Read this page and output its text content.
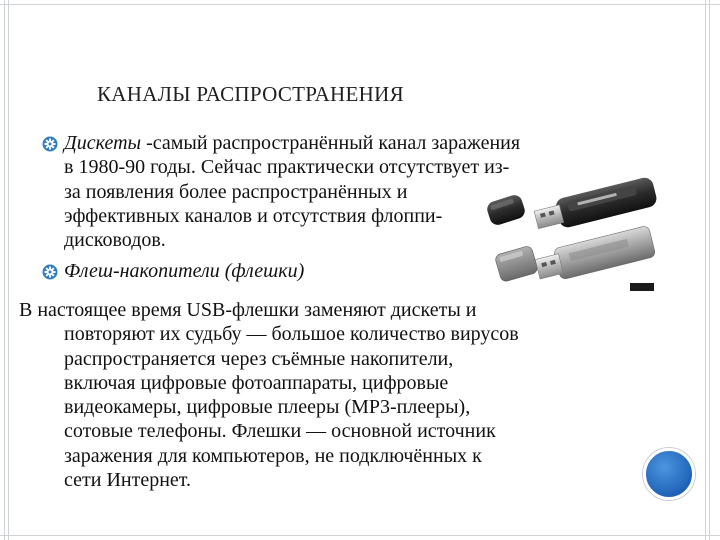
КАНАЛЫ РАСПРОСТРАНЕНИЯ
Дискеты -самый распространённый канал заражения
в 1980-90 годы. Сейчас практически отсутствует из-
за появления более распространённых и
эффективных каналов и отсутствия флоппи-
дисководов.
Флеш-накопители (флешки)
В настоящее время USB-флешки заменяют дискеты и
повторяют их судьбу — большое количество вирусов
распространяется через съёмные накопители,
включая цифровые фотоаппараты, цифровые
видеокамеры, цифровые плееры (MP3-плееры),
сотовые телефоны. Флешки — основной источник
заражения для компьютеров, не подключённых к
сети Интернет.
